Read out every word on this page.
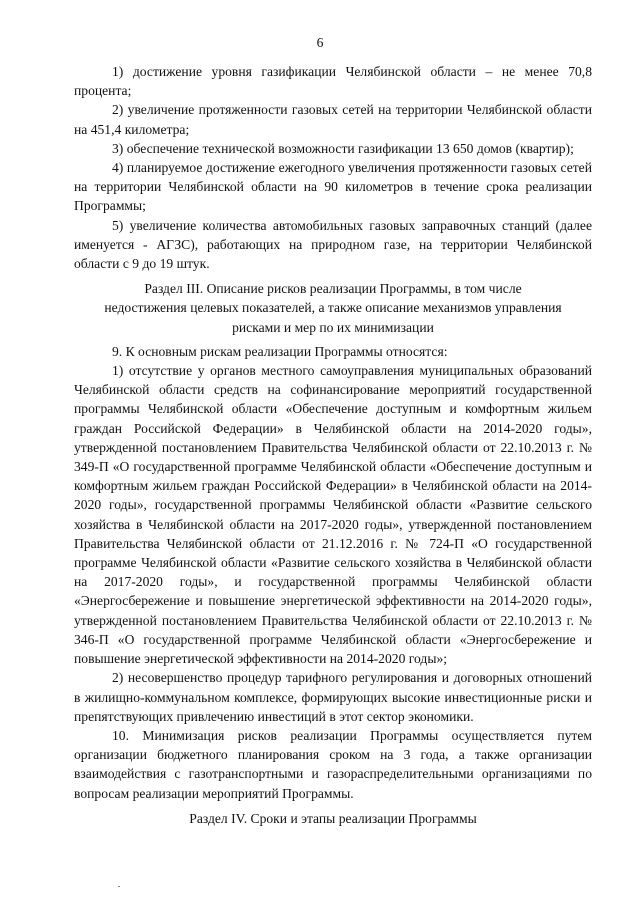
6

1) достижение уровня газификации Челябинской области – не менее 70,8 процента;

2) увеличение протяженности газовых сетей на территории Челябинской области на 451,4 километра;

3) обеспечение технической возможности газификации 13 650 домов (квартир);

4) планируемое достижение ежегодного увеличения протяженности газовых сетей на территории Челябинской области на 90 километров в течение срока реализации Программы;

5) увеличение количества автомобильных газовых заправочных станций (далее именуется - АГЗС), работающих на природном газе, на территории Челябинской области с 9 до 19 штук.

Раздел III. Описание рисков реализации Программы, в том числе недостижения целевых показателей, а также описание механизмов управления рисками и мер по их минимизации

9. К основным рискам реализации Программы относятся:

1) отсутствие у органов местного самоуправления муниципальных образований Челябинской области средств на софинансирование мероприятий государственной программы Челябинской области «Обеспечение доступным и комфортным жильем граждан Российской Федерации» в Челябинской области на 2014-2020 годы», утвержденной постановлением Правительства Челябинской области от 22.10.2013 г. № 349-П «О государственной программе Челябинской области «Обеспечение доступным и комфортным жильем граждан Российской Федерации» в Челябинской области на 2014-2020 годы», государственной программы Челябинской области «Развитие сельского хозяйства в Челябинской области на 2017-2020 годы», утвержденной постановлением Правительства Челябинской области от 21.12.2016 г. № 724-П «О государственной программе Челябинской области «Развитие сельского хозяйства в Челябинской области на 2017-2020 годы», и государственной программы Челябинской области «Энергосбережение и повышение энергетической эффективности на 2014-2020 годы», утвержденной постановлением Правительства Челябинской области от 22.10.2013 г. № 346-П «О государственной программе Челябинской области «Энергосбережение и повышение энергетической эффективности на 2014-2020 годы»;

2) несовершенство процедур тарифного регулирования и договорных отношений в жилищно-коммунальном комплексе, формирующих высокие инвестиционные риски и препятствующих привлечению инвестиций в этот сектор экономики.

10. Минимизация рисков реализации Программы осуществляется путем организации бюджетного планирования сроком на 3 года, а также организации взаимодействия с газотранспортными и газораспределительными организациями по вопросам реализации мероприятий Программы.

Раздел IV. Сроки и этапы реализации Программы
